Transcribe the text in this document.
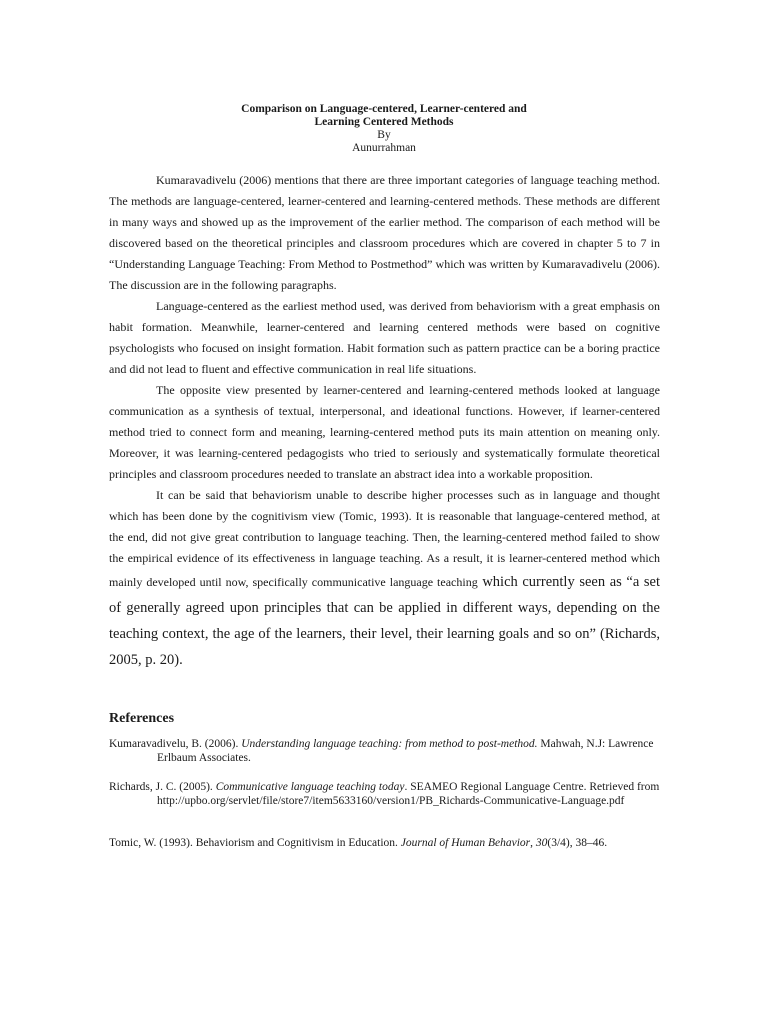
Comparison on Language-centered, Learner-centered and
Learning Centered Methods
By
Aunurrahman

Kumaravadivelu (2006) mentions that there are three important categories of language teaching method. The methods are language-centered, learner-centered and learning-centered methods. These methods are different in many ways and showed up as the improvement of the earlier method. The comparison of each method will be discovered based on the theoretical principles and classroom procedures which are covered in chapter 5 to 7 in “Understanding Language Teaching: From Method to Postmethod” which was written by Kumaravadivelu (2006). The discussion are in the following paragraphs.

Language-centered as the earliest method used, was derived from behaviorism with a great emphasis on habit formation. Meanwhile, learner-centered and learning centered methods were based on cognitive psychologists who focused on insight formation. Habit formation such as pattern practice can be a boring practice and did not lead to fluent and effective communication in real life situations.

The opposite view presented by learner-centered and learning-centered methods looked at language communication as a synthesis of textual, interpersonal, and ideational functions. However, if learner-centered method tried to connect form and meaning, learning-centered method puts its main attention on meaning only. Moreover, it was learning-centered pedagogists who tried to seriously and systematically formulate theoretical principles and classroom procedures needed to translate an abstract idea into a workable proposition.

It can be said that behaviorism unable to describe higher processes such as in language and thought which has been done by the cognitivism view (Tomic, 1993). It is reasonable that language-centered method, at the end, did not give great contribution to language teaching. Then, the learning-centered method failed to show the empirical evidence of its effectiveness in language teaching. As a result, it is learner-centered method which mainly developed until now, specifically communicative language teaching which currently seen as “a set of generally agreed upon principles that can be applied in different ways, depending on the teaching context, the age of the learners, their level, their learning goals and so on” (Richards, 2005, p. 20).

References
Kumaravadivelu, B. (2006). Understanding language teaching: from method to post-method. Mahwah, N.J: Lawrence Erlbaum Associates.
Richards, J. C. (2005). Communicative language teaching today. SEAMEO Regional Language Centre. Retrieved from http://upbo.org/servlet/file/store7/item5633160/version1/PB_Richards-Communicative-Language.pdf
Tomic, W. (1993). Behaviorism and Cognitivism in Education. Journal of Human Behavior, 30(3/4), 38–46.
